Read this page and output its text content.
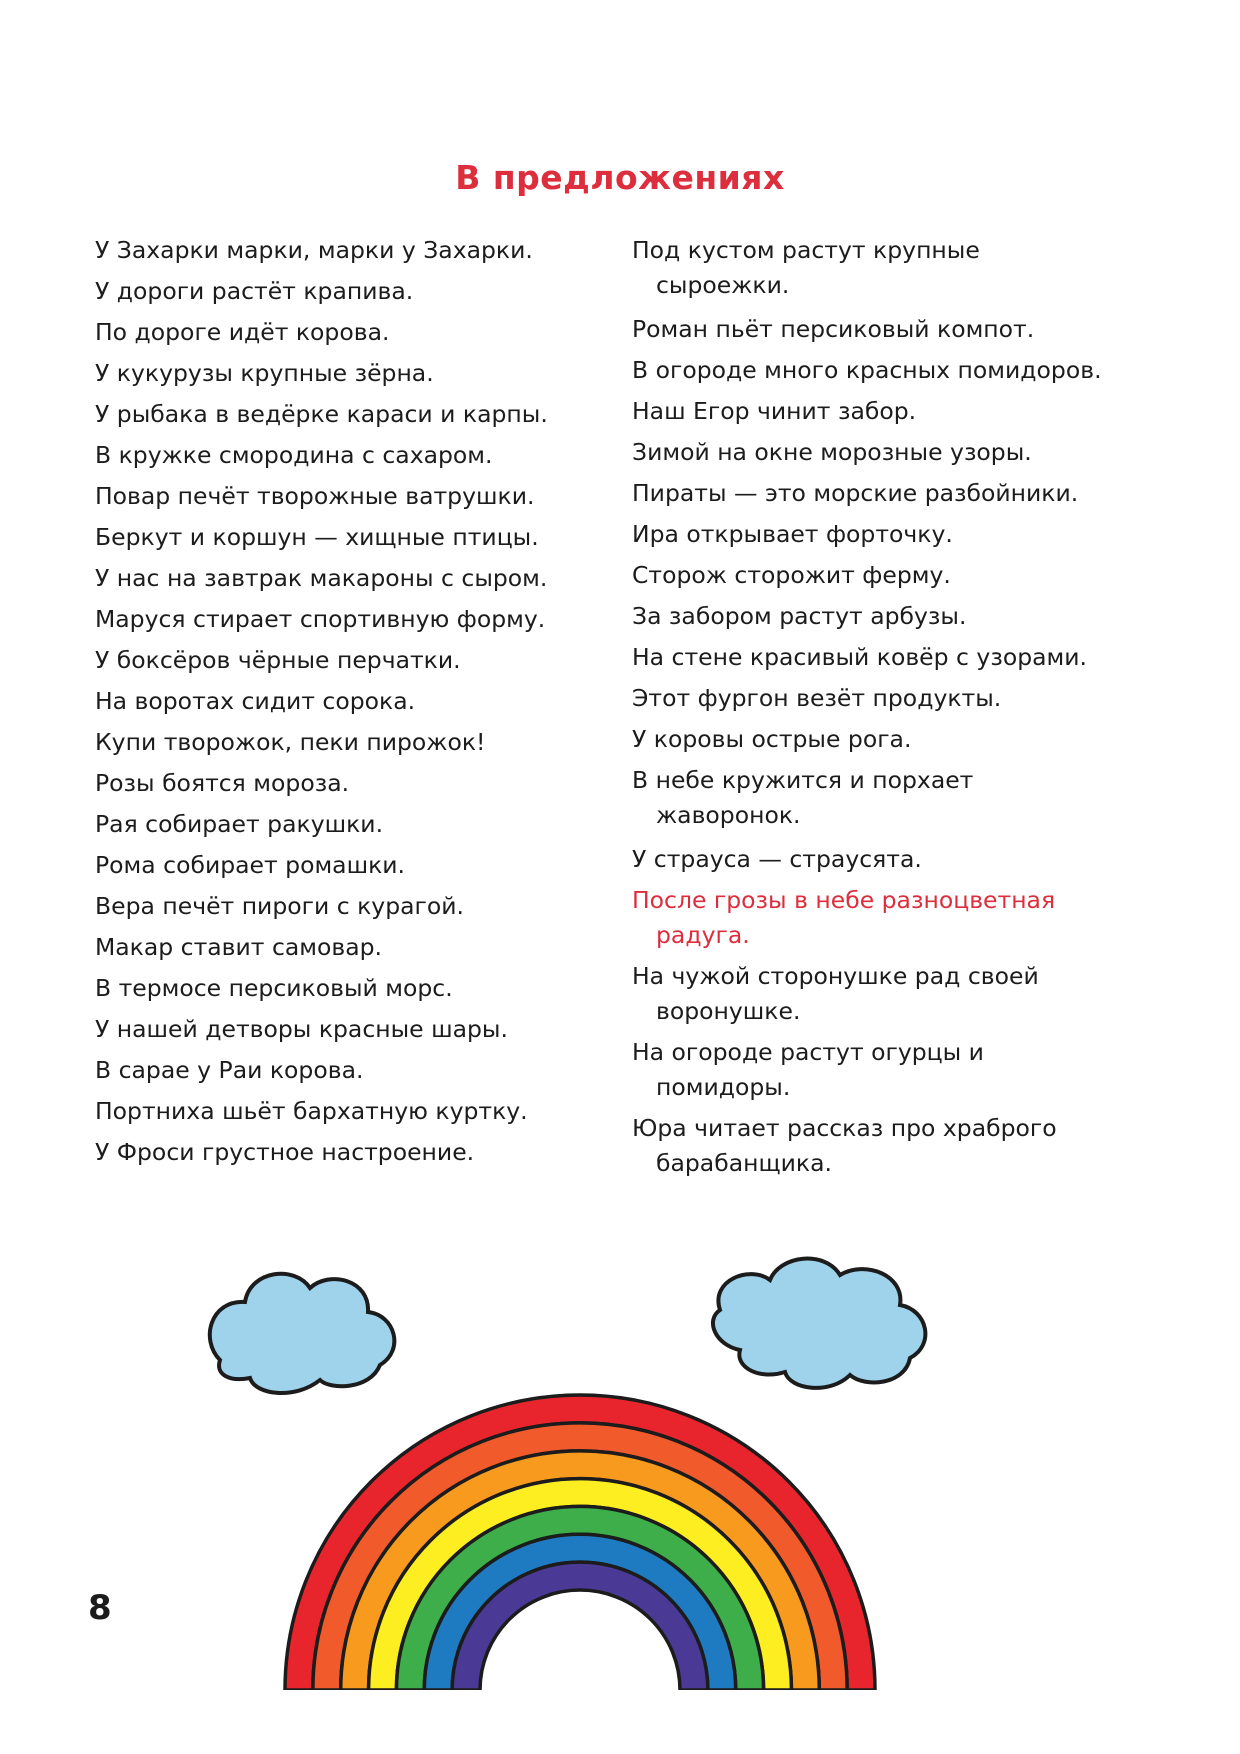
В предложениях
У Захарки марки, марки у Захарки.
У дороги растёт крапива.
По дороге идёт корова.
У кукурузы крупные зёрна.
У рыбака в ведёрке караси и карпы.
В кружке смородина с сахаром.
Повар печёт творожные ватрушки.
Беркут и коршун — хищные птицы.
У нас на завтрак макароны с сыром.
Маруся стирает спортивную форму.
У боксёров чёрные перчатки.
На воротах сидит сорока.
Купи творожок, пеки пирожок!
Розы боятся мороза.
Рая собирает ракушки.
Рома собирает ромашки.
Вера печёт пироги с курагой.
Макар ставит самовар.
В термосе персиковый морс.
У нашей детворы красные шары.
В сарае у Раи корова.
Портниха шьёт бархатную куртку.
У Фроси грустное настроение.
Под кустом растут крупные сыроежки.
Роман пьёт персиковый компот.
В огороде много красных помидоров.
Наш Егор чинит забор.
Зимой на окне морозные узоры.
Пираты — это морские разбойники.
Ира открывает форточку.
Сторож сторожит ферму.
За забором растут арбузы.
На стене красивый ковёр с узорами.
Этот фургон везёт продукты.
У коровы острые рога.
В небе кружится и порхает жаворонок.
У страуса — страусята.
После грозы в небе разноцветная радуга.
На чужой сторонушке рад своей воронушке.
На огороде растут огурцы и помидоры.
Юра читает рассказ про храброго барабанщика.
8
